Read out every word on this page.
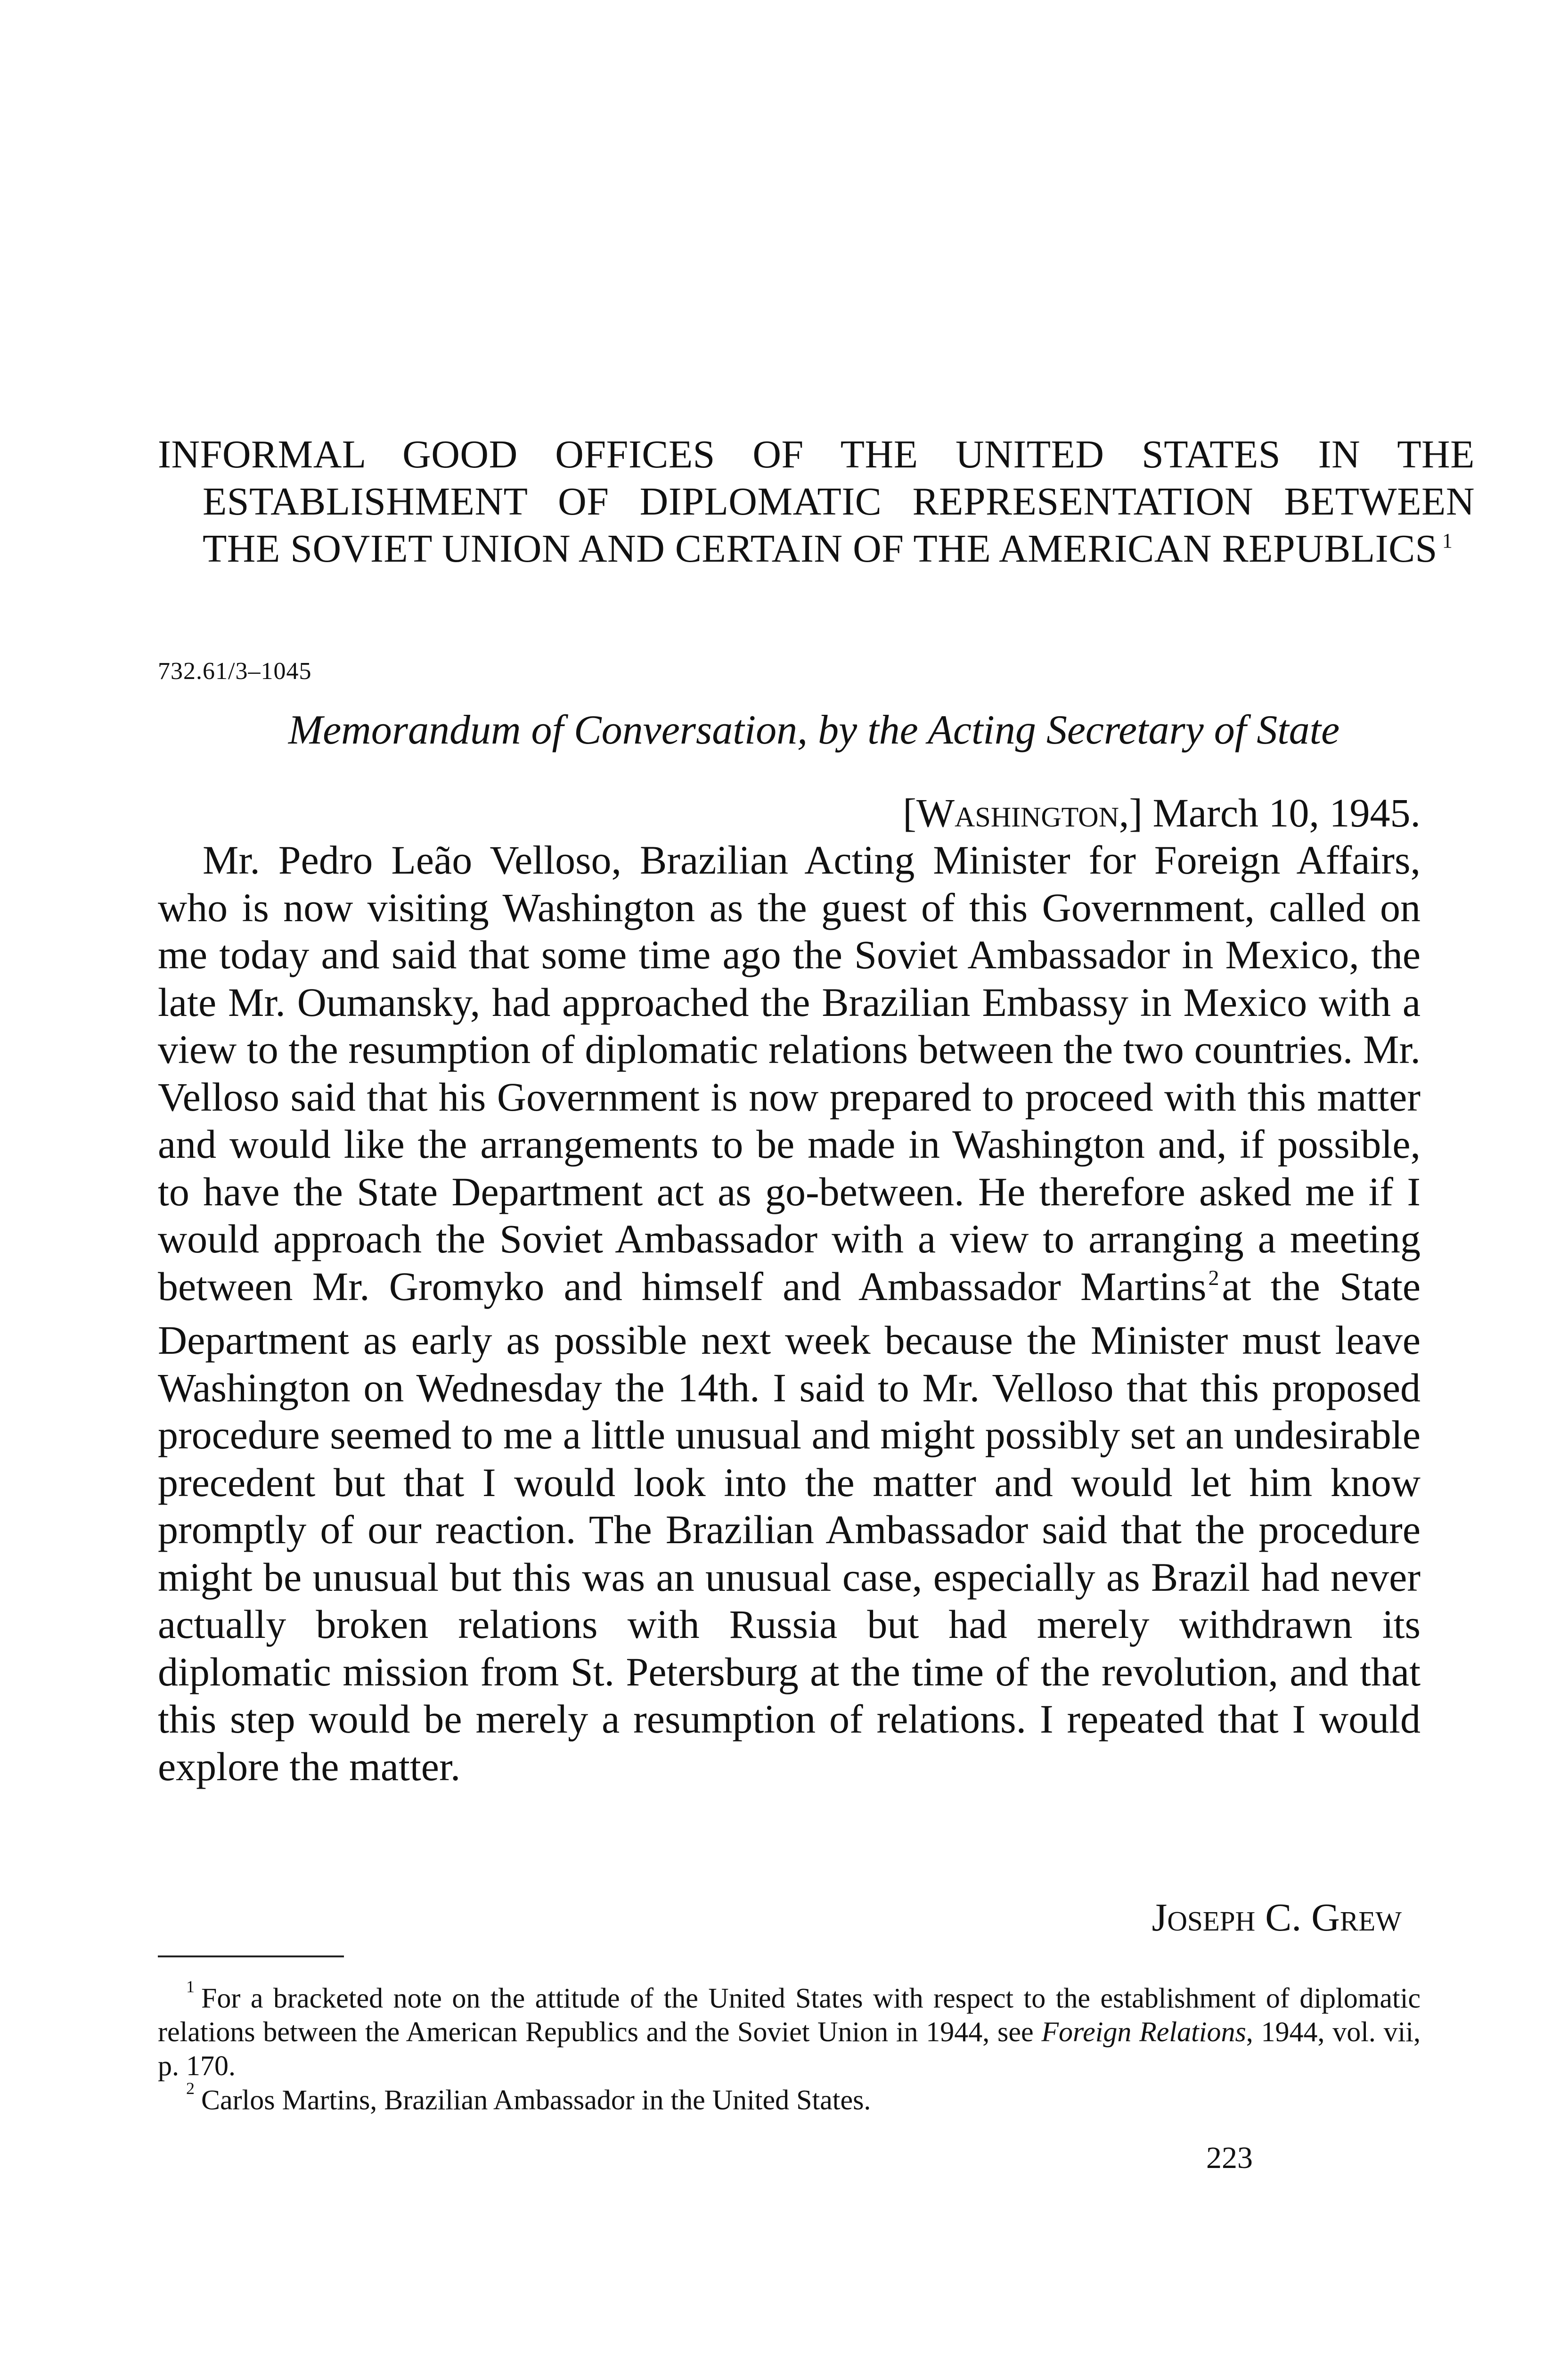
INFORMAL GOOD OFFICES OF THE UNITED STATES IN THE ESTABLISHMENT OF DIPLOMATIC REPRESENTATION BETWEEN THE SOVIET UNION AND CERTAIN OF THE AMERICAN REPUBLICS $^1$
732.61/3–1045
Memorandum of Conversation, by the Acting Secretary of State
[Washington,] March 10, 1945.

Mr. Pedro Leão Velloso, Brazilian Acting Minister for Foreign Affairs, who is now visiting Washington as the guest of this Government, called on me today and said that some time ago the Soviet Ambassador in Mexico, the late Mr. Oumansky, had approached the Brazilian Embassy in Mexico with a view to the resumption of diplomatic relations between the two countries. Mr. Velloso said that his Government is now prepared to proceed with this matter and would like the arrangements to be made in Washington and, if possible, to have the State Department act as go-between. He therefore asked me if I would approach the Soviet Ambassador with a view to arranging a meeting between Mr. Gromyko and himself and Ambassador Martins$^2$at the State Department as early as possible next week because the Minister must leave Washington on Wednesday the 14th. I said to Mr. Velloso that this proposed procedure seemed to me a little unusual and might possibly set an undesirable precedent but that I would look into the matter and would let him know promptly of our reaction. The Brazilian Ambassador said that the procedure might be unusual but this was an unusual case, especially as Brazil had never actually broken relations with Russia but had merely withdrawn its diplomatic mission from St. Petersburg at the time of the revolution, and that this step would be merely a resumption of relations. I repeated that I would explore the matter.

Joseph C. Grew
$^1$ For a bracketed note on the attitude of the United States with respect to the establishment of diplomatic relations between the American Republics and the Soviet Union in 1944, see Foreign Relations, 1944, vol. vii, p. 170.
$^2$ Carlos Martins, Brazilian Ambassador in the United States.
223
